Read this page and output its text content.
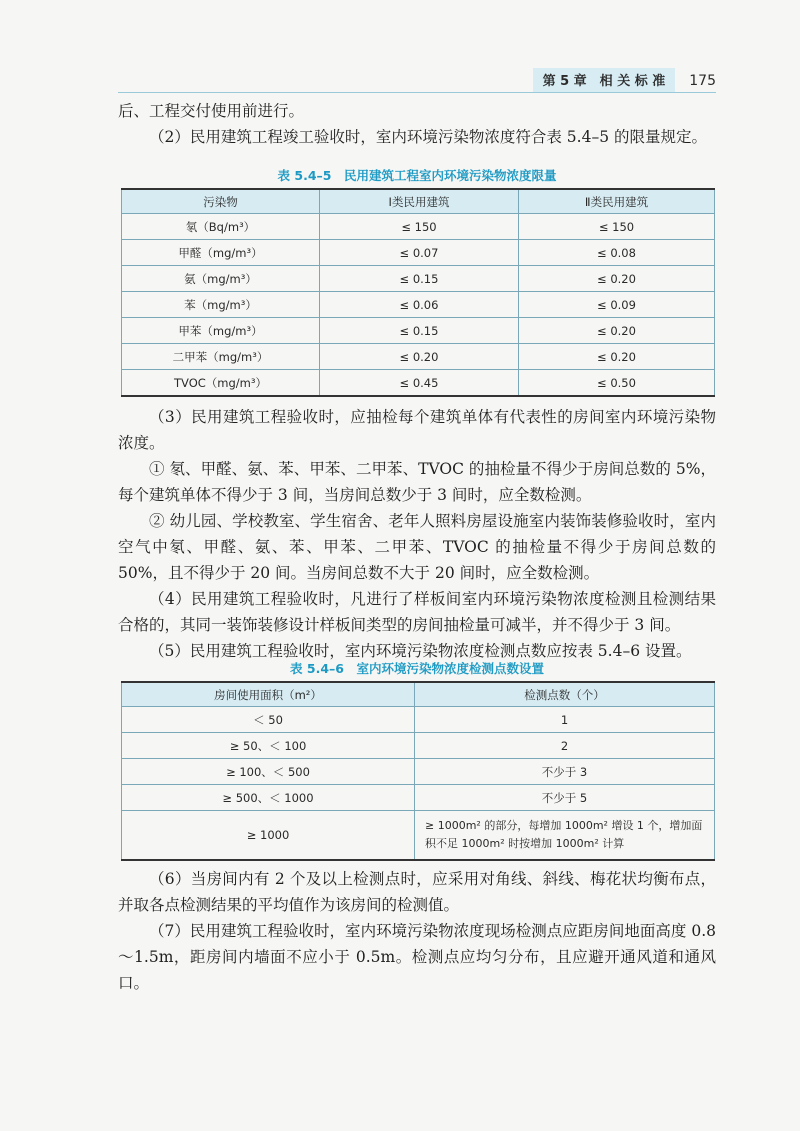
第 5 章　相 关 标 准	175

后、工程交付使用前进行。

（2）民用建筑工程竣工验收时，室内环境污染物浓度符合表 5.4–5 的限量规定。

表 5.4–5　民用建筑工程室内环境污染物浓度限量
污染物	Ⅰ类民用建筑	Ⅱ类民用建筑
氡（Bq/m³）	≤ 150	≤ 150
甲醛（mg/m³）	≤ 0.07	≤ 0.08
氨（mg/m³）	≤ 0.15	≤ 0.20
苯（mg/m³）	≤ 0.06	≤ 0.09
甲苯（mg/m³）	≤ 0.15	≤ 0.20
二甲苯（mg/m³）	≤ 0.20	≤ 0.20
TVOC（mg/m³）	≤ 0.45	≤ 0.50

（3）民用建筑工程验收时，应抽检每个建筑单体有代表性的房间室内环境污染物浓度。

① 氡、甲醛、氨、苯、甲苯、二甲苯、TVOC 的抽检量不得少于房间总数的 5%，每个建筑单体不得少于 3 间，当房间总数少于 3 间时，应全数检测。

② 幼儿园、学校教室、学生宿舍、老年人照料房屋设施室内装饰装修验收时，室内空气中氡、甲醛、氨、苯、甲苯、二甲苯、TVOC 的抽检量不得少于房间总数的 50%，且不得少于 20 间。当房间总数不大于 20 间时，应全数检测。

（4）民用建筑工程验收时，凡进行了样板间室内环境污染物浓度检测且检测结果合格的，其同一装饰装修设计样板间类型的房间抽检量可减半，并不得少于 3 间。

（5）民用建筑工程验收时，室内环境污染物浓度检测点数应按表 5.4–6 设置。

表 5.4–6　室内环境污染物浓度检测点数设置
房间使用面积（m²）	检测点数（个）
＜ 50	1
≥ 50、＜ 100	2
≥ 100、＜ 500	不少于 3
≥ 500、＜ 1000	不少于 5
≥ 1000	≥ 1000m² 的部分，每增加 1000m² 增设 1 个，增加面积不足 1000m² 时按增加 1000m² 计算

（6）当房间内有 2 个及以上检测点时，应采用对角线、斜线、梅花状均衡布点，并取各点检测结果的平均值作为该房间的检测值。

（7）民用建筑工程验收时，室内环境污染物浓度现场检测点应距房间地面高度 0.8～1.5m，距房间内墙面不应小于 0.5m。检测点应均匀分布，且应避开通风道和通风口。
